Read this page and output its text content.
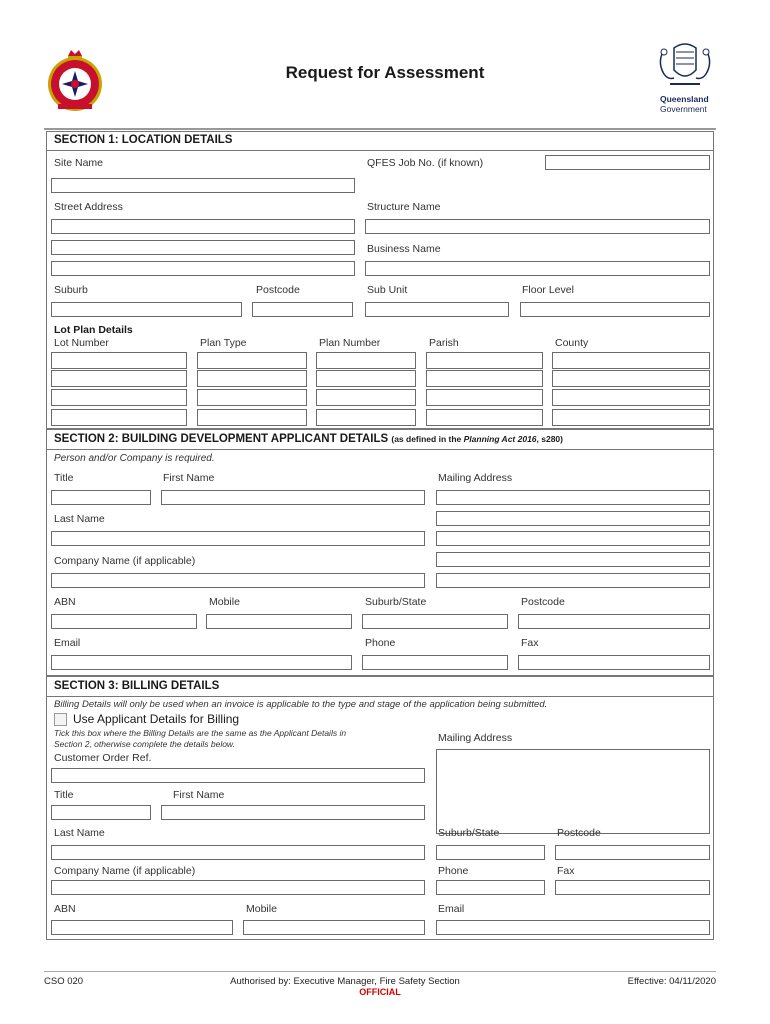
Request for Assessment
Queensland
Government
SECTION 1: LOCATION DETAILS
Site Name	QFES Job No. (if known)
Street Address	Structure Name
Business Name
Suburb	Postcode	Sub Unit	Floor Level
Lot Plan Details
Lot Number	Plan Type	Plan Number	Parish	County
SECTION 2: BUILDING DEVELOPMENT APPLICANT DETAILS (as defined in the Planning Act 2016, s280)
Person and/or Company is required.
Title	First Name	Mailing Address
Last Name
Company Name (if applicable)
ABN	Mobile	Suburb/State	Postcode
Email	Phone	Fax
SECTION 3: BILLING DETAILS
Billing Details will only be used when an invoice is applicable to the type and stage of the application being submitted.
Use Applicant Details for Billing
Tick this box where the Billing Details are the same as the Applicant Details in
Section 2, otherwise complete the details below.	Mailing Address
Customer Order Ref.
Title	First Name
Last Name	Suburb/State	Postcode
Company Name (if applicable)	Phone	Fax
ABN	Mobile	Email
CSO 020	Authorised by: Executive Manager, Fire Safety Section
OFFICIAL
Effective: 04/11/2020
